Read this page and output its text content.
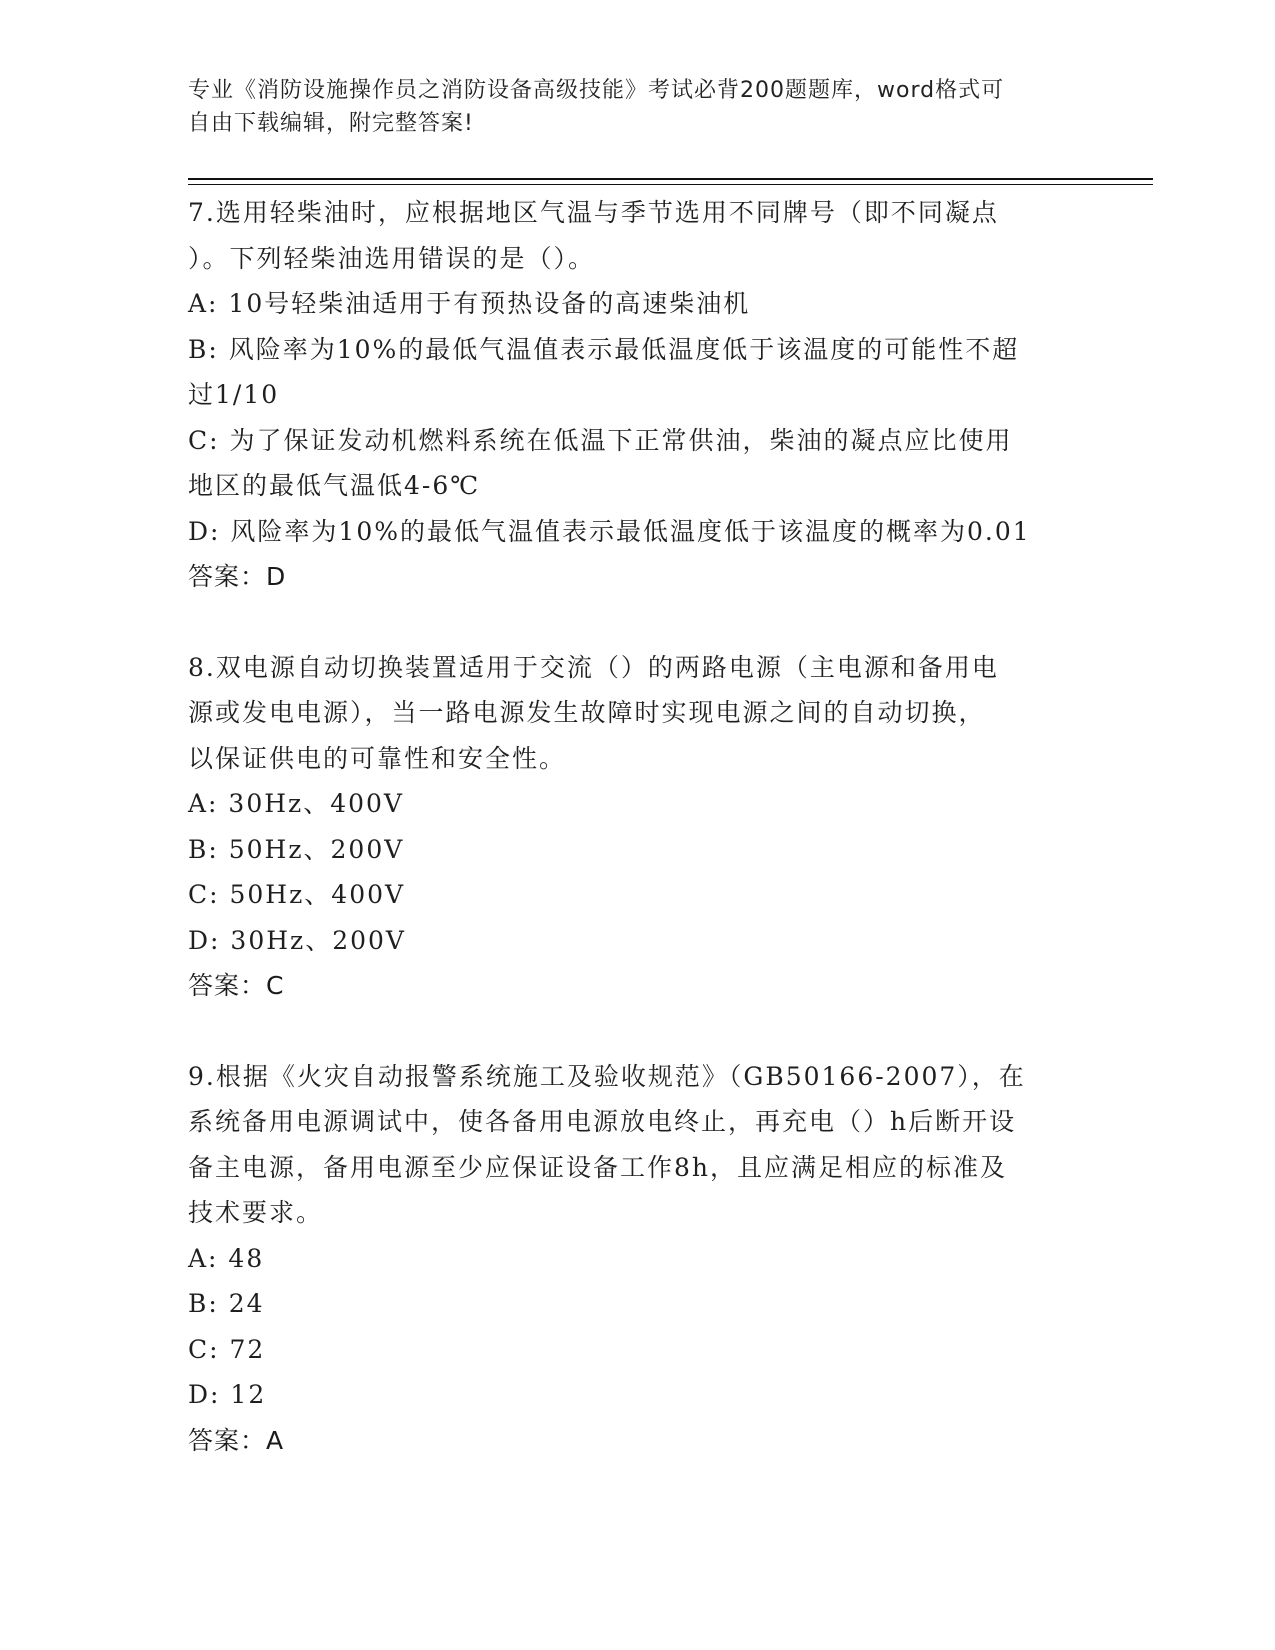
专业《消防设施操作员之消防设备高级技能》考试必背200题题库，word格式可
自由下载编辑，附完整答案!
7.选用轻柴油时，应根据地区气温与季节选用不同牌号（即不同凝点
）。下列轻柴油选用错误的是（）。
A: 10号轻柴油适用于有预热设备的高速柴油机
B: 风险率为10%的最低气温值表示最低温度低于该温度的可能性不超
过1/10
C: 为了保证发动机燃料系统在低温下正常供油，柴油的凝点应比使用
地区的最低气温低4-6℃
D: 风险率为10%的最低气温值表示最低温度低于该温度的概率为0.01
答案：D
8.双电源自动切换装置适用于交流（）的两路电源（主电源和备用电
源或发电电源），当一路电源发生故障时实现电源之间的自动切换，
以保证供电的可靠性和安全性。
A: 30Hz、400V
B: 50Hz、200V
C: 50Hz、400V
D: 30Hz、200V
答案：C
9.根据《火灾自动报警系统施工及验收规范》（GB50166-2007），在
系统备用电源调试中，使各备用电源放电终止，再充电（）h后断开设
备主电源，备用电源至少应保证设备工作8h，且应满足相应的标准及
技术要求。
A: 48
B: 24
C: 72
D: 12
答案：A
